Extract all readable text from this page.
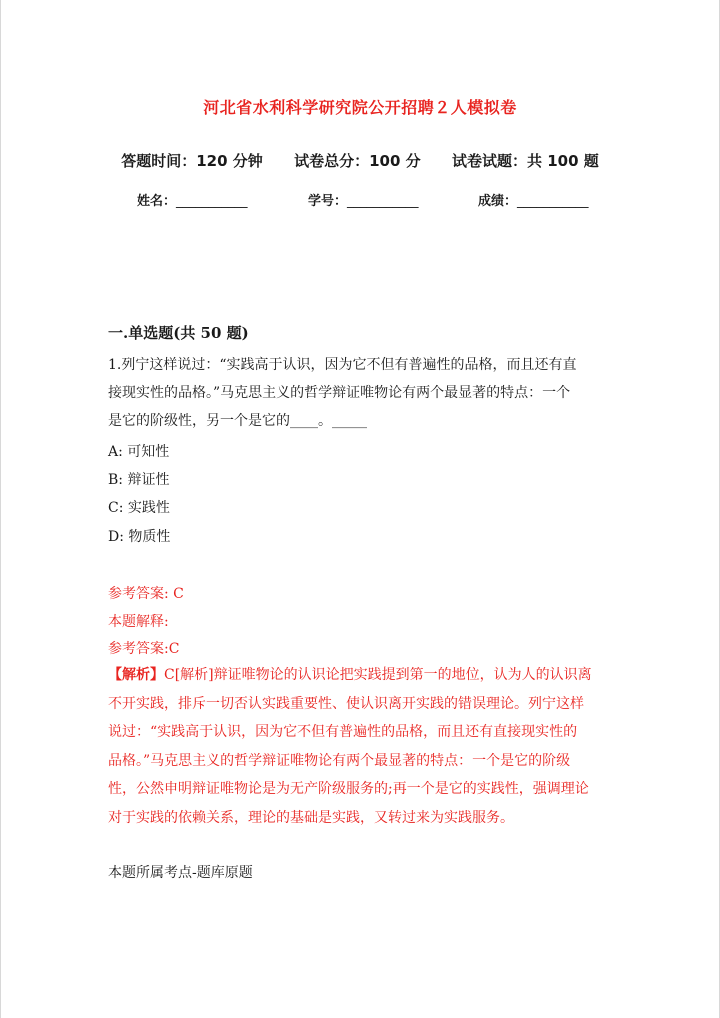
河北省水利科学研究院公开招聘２人模拟卷
答题时间：120 分钟 试卷总分：100 分 试卷试题：共 100 题
姓名：___________	学号：___________	成绩：___________
一.单选题(共 50 题)
1.列宁这样说过：“实践高于认识，因为它不但有普遍性的品格，而且还有直
接现实性的品格。”马克思主义的哲学辩证唯物论有两个最显著的特点：一个
是它的阶级性，另一个是它的____。_____
A: 可知性
B: 辩证性
C: 实践性
D: 物质性
参考答案: C
本题解释:
参考答案:C
【解析】C[解析]辩证唯物论的认识论把实践提到第一的地位，认为人的认识离
不开实践，排斥一切否认实践重要性、使认识离开实践的错误理论。列宁这样
说过：“实践高于认识，因为它不但有普遍性的品格，而且还有直接现实性的
品格。”马克思主义的哲学辩证唯物论有两个最显著的特点：一个是它的阶级
性，公然申明辩证唯物论是为无产阶级服务的;再一个是它的实践性，强调理论
对于实践的依赖关系，理论的基础是实践，又转过来为实践服务。
本题所属考点-题库原题
